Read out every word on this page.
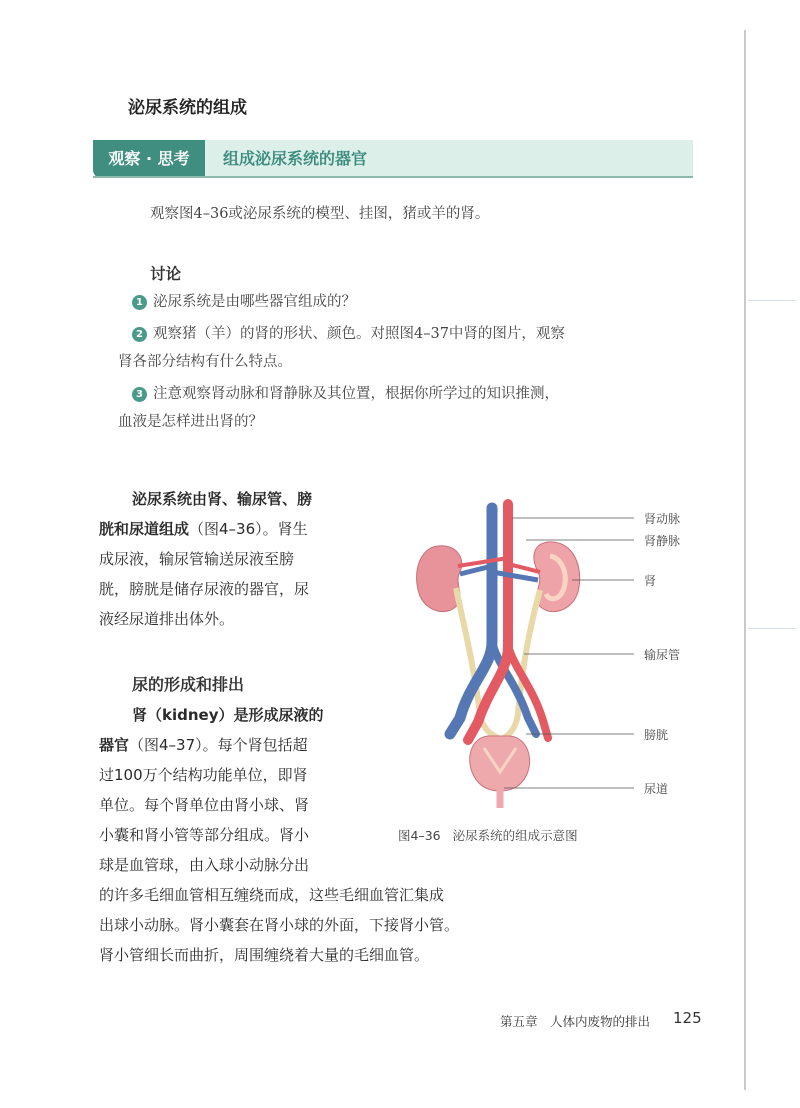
泌尿系统的组成
观察 · 思考	组成泌尿系统的器官
观察图4–36或泌尿系统的模型、挂图，猪或羊的肾。
讨论
1 泌尿系统是由哪些器官组成的？
2 观察猪（羊）的肾的形状、颜色。对照图4–37中肾的图片，观察
肾各部分结构有什么特点。
3 注意观察肾动脉和肾静脉及其位置，根据你所学过的知识推测，
血液是怎样进出肾的？
泌尿系统由肾、输尿管、膀
胱和尿道组成（图4–36）。肾生
成尿液，输尿管输送尿液至膀
胱，膀胱是储存尿液的器官，尿
液经尿道排出体外。
尿的形成和排出
肾（kidney）是形成尿液的
器官（图4–37）。每个肾包括超
过100万个结构功能单位，即肾
单位。每个肾单位由肾小球、肾
小囊和肾小管等部分组成。肾小
球是血管球，由入球小动脉分出
的许多毛细血管相互缠绕而成，这些毛细血管汇集成
出球小动脉。肾小囊套在肾小球的外面，下接肾小管。
肾小管细长而曲折，周围缠绕着大量的毛细血管。
肾动脉
肾静脉
肾
输尿管
膀胱
尿道
图4–36 泌尿系统的组成示意图
第五章　人体内废物的排出 125
